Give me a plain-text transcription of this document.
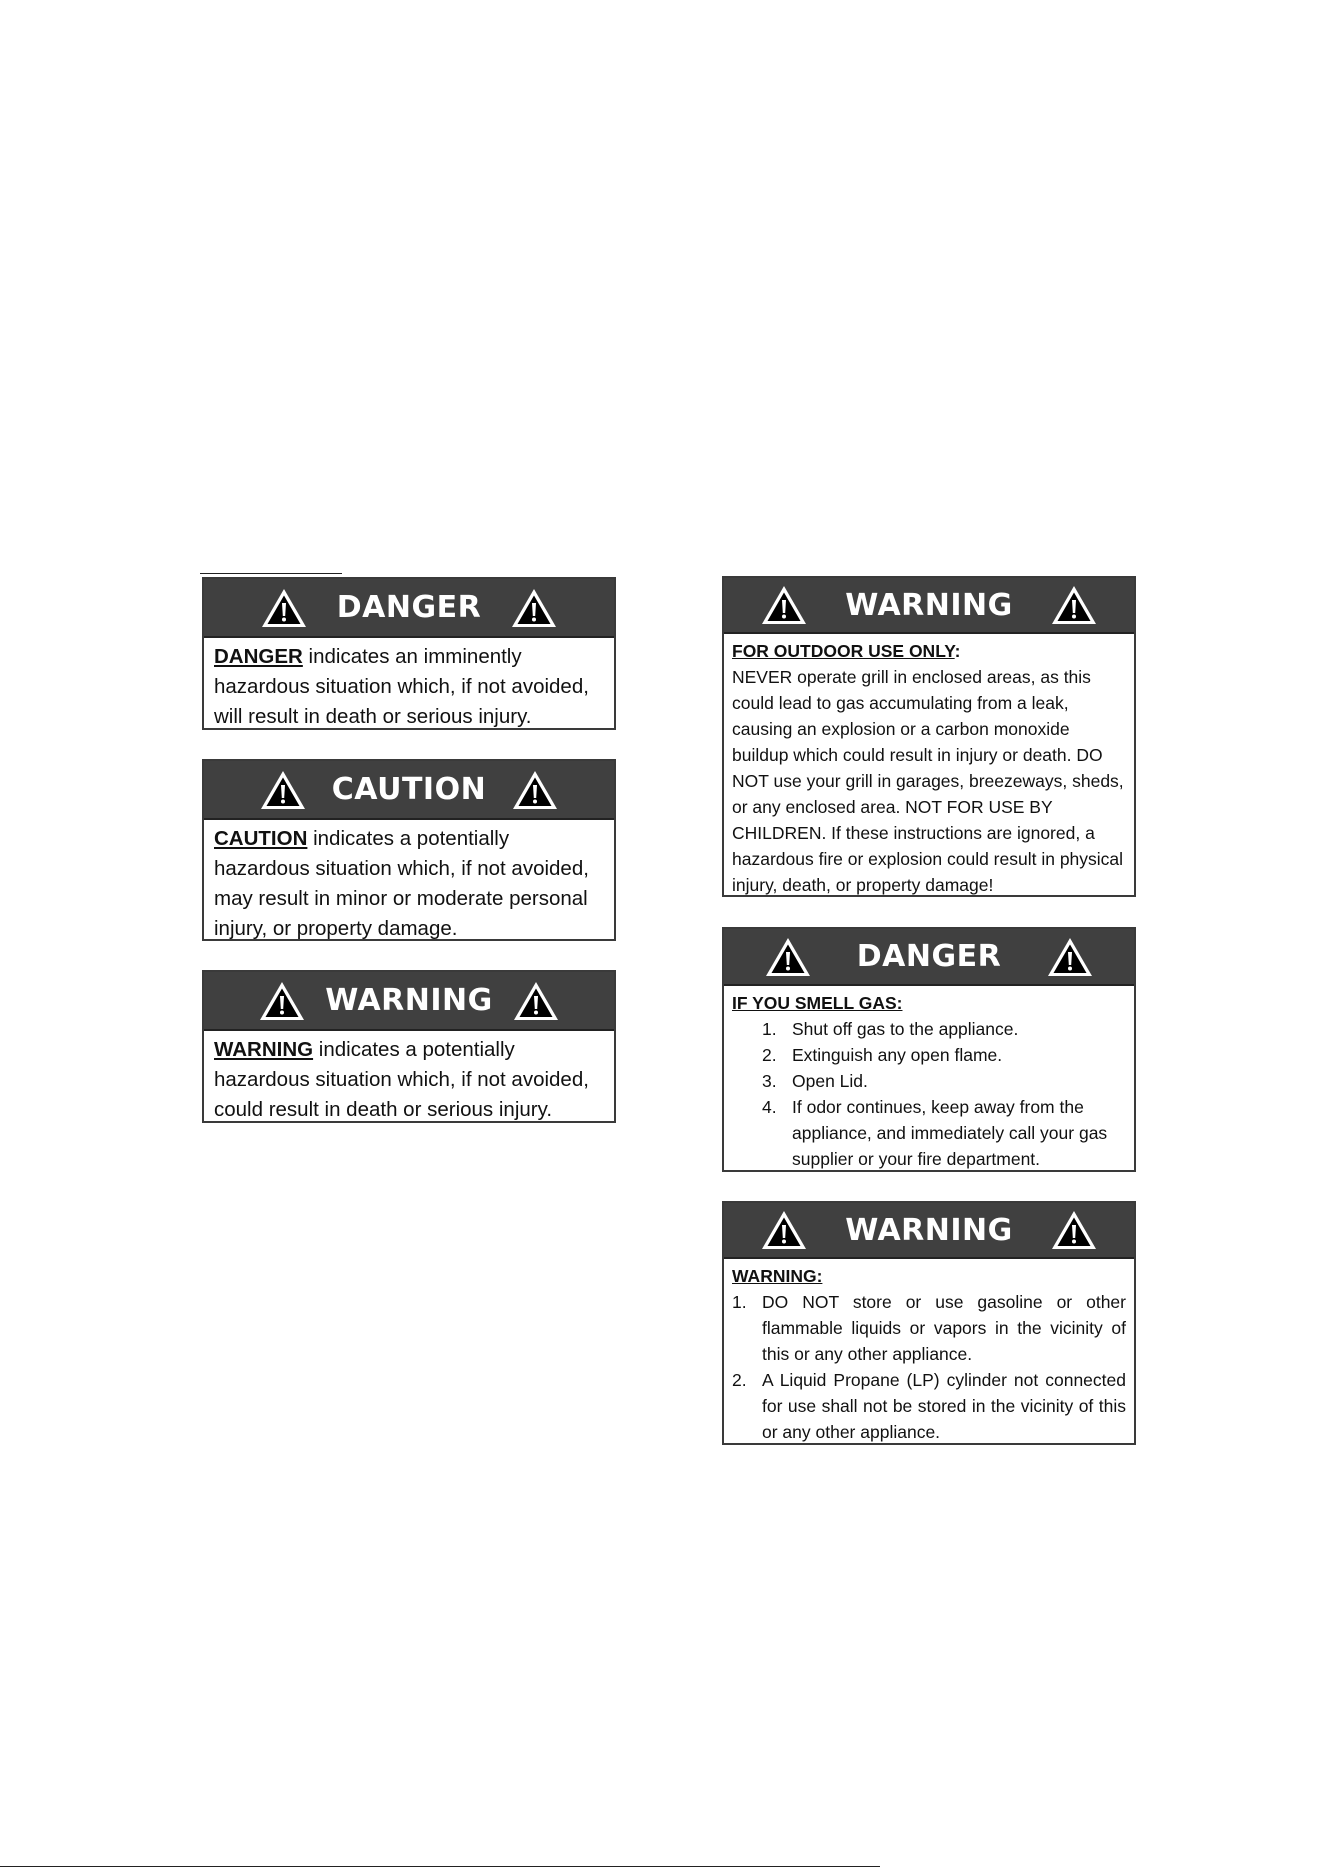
DANGER
DANGER indicates an imminently hazardous situation which, if not avoided, will result in death or serious injury.
CAUTION
CAUTION indicates a potentially hazardous situation which, if not avoided, may result in minor or moderate personal injury, or property damage.
WARNING
WARNING indicates a potentially hazardous situation which, if not avoided, could result in death or serious injury.
WARNING
FOR OUTDOOR USE ONLY:
NEVER operate grill in enclosed areas, as this could lead to gas accumulating from a leak, causing an explosion or a carbon monoxide buildup which could result in injury or death. DO NOT use your grill in garages, breezeways, sheds, or any enclosed area. NOT FOR USE BY CHILDREN. If these instructions are ignored, a hazardous fire or explosion could result in physical injury, death, or property damage!
DANGER
IF YOU SMELL GAS:
1. Shut off gas to the appliance.
2. Extinguish any open flame.
3. Open Lid.
4. If odor continues, keep away from the appliance, and immediately call your gas supplier or your fire department.
WARNING
WARNING:
1. DO NOT store or use gasoline or other flammable liquids or vapors in the vicinity of this or any other appliance.
2. A Liquid Propane (LP) cylinder not connected for use shall not be stored in the vicinity of this or any other appliance.
